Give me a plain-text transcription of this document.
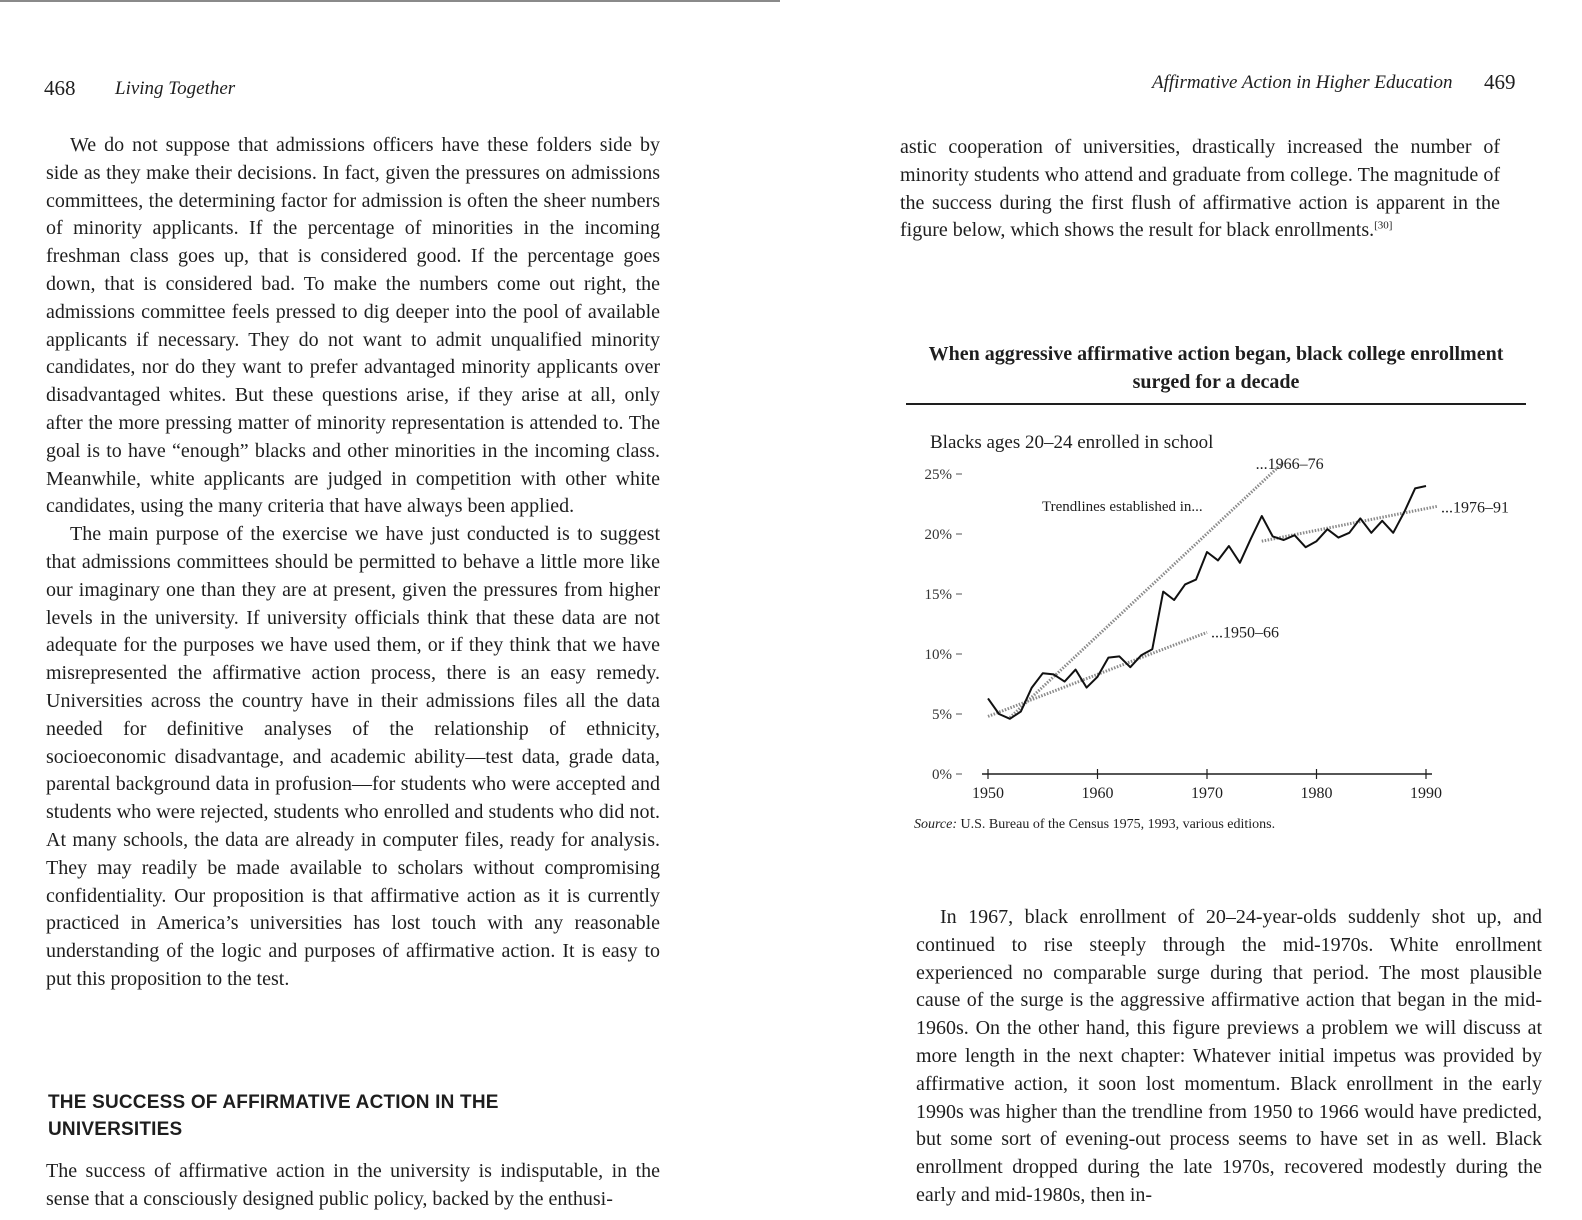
468 Living Together

We do not suppose that admissions officers have these folders side by side as they make their decisions. In fact, given the pressures on admissions committees, the determining factor for admission is often the sheer numbers of minority applicants. If the percentage of minorities in the incoming freshman class goes up, that is considered good. If the percentage goes down, that is considered bad. To make the numbers come out right, the admissions committee feels pressed to dig deeper into the pool of available applicants if necessary. They do not want to admit unqualified minority candidates, nor do they want to prefer advantaged minority applicants over disadvantaged whites. But these questions arise, if they arise at all, only after the more pressing matter of minority representation is attended to. The goal is to have “enough” blacks and other minorities in the incoming class. Meanwhile, white applicants are judged in competition with other white candidates, using the many criteria that have always been applied.

The main purpose of the exercise we have just conducted is to suggest that admissions committees should be permitted to behave a little more like our imaginary one than they are at present, given the pressures from higher levels in the university. If university officials think that these data are not adequate for the purposes we have used them, or if they think that we have misrepresented the affirmative action process, there is an easy remedy. Universities across the country have in their admissions files all the data needed for definitive analyses of the relationship of ethnicity, socioeconomic disadvantage, and academic ability—test data, grade data, parental background data in profusion—for students who were accepted and students who were rejected, students who enrolled and students who did not. At many schools, the data are already in computer files, ready for analysis. They may readily be made available to scholars without compromising confidentiality. Our proposition is that affirmative action as it is currently practiced in America’s universities has lost touch with any reasonable understanding of the logic and purposes of affirmative action. It is easy to put this proposition to the test.

THE SUCCESS OF AFFIRMATIVE ACTION IN THE
UNIVERSITIES

The success of affirmative action in the university is indisputable, in the sense that a consciously designed public policy, backed by the enthusi-

Affirmative Action in Higher Education 469

astic cooperation of universities, drastically increased the number of minority students who attend and graduate from college. The magnitude of the success during the first flush of affirmative action is apparent in the figure below, which shows the result for black enrollments.[30]

In 1967, black enrollment of 20–24-year-olds suddenly shot up, and continued to rise steeply through the mid-1970s. White enrollment experienced no comparable surge during that period. The most plausible cause of the surge is the aggressive affirmative action that began in the mid-1960s. On the other hand, this figure previews a problem we will discuss at more length in the next chapter: Whatever initial impetus was provided by affirmative action, it soon lost momentum. Black enrollment in the early 1990s was higher than the trendline from 1950 to 1966 would have predicted, but some sort of evening-out process seems to have set in as well. Black enrollment dropped during the late 1970s, recovered modestly during the early and mid-1980s, then in-

When aggressive affirmative action began, black college enrollment
surged for a decade
Blacks ages 20–24 enrolled in school
Trendlines established in...
1950	1960	1970	1980	1990
0%
5%
10%
15%
20%
25%
...1950–66
...1966–76
...1976–91
Source: U.S. Bureau of the Census 1975, 1993, various editions.
